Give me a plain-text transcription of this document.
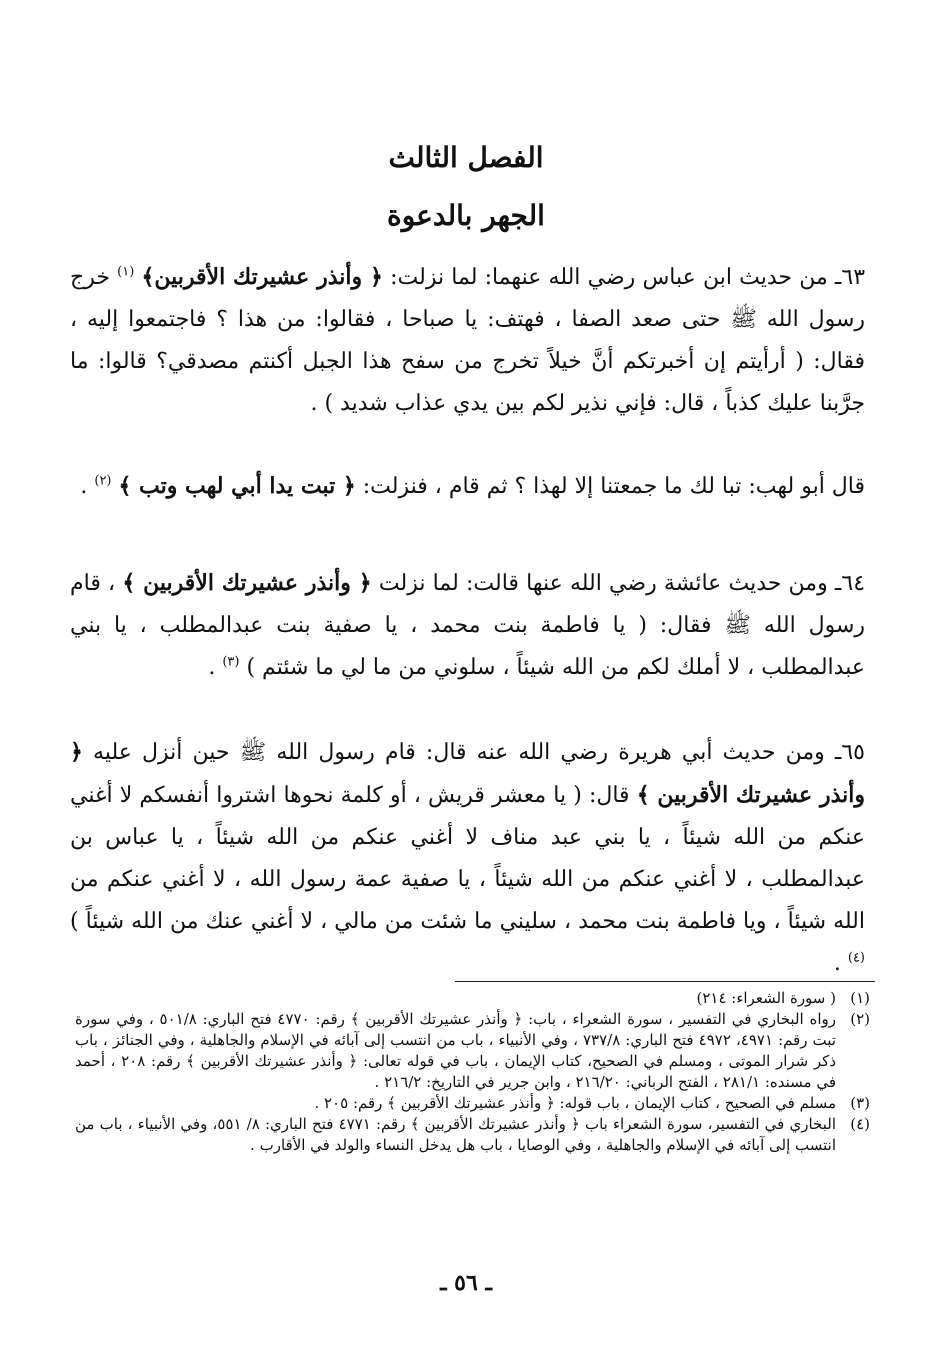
الفصل الثالث
الجهر بالدعوة

٦٣ـ من حديث ابن عباس رضي الله عنهما: لما نزلت: ﴿ وأنذر عشيرتك الأقربين﴾ $^{(١)}$ خرج رسول الله ﷺ حتى صعد الصفا ، فهتف: يا صباحا ، فقالوا: من هذا ؟ فاجتمعوا إليه ، فقال: ( أرأيتم إن أخبرتكم أنَّ خيلاً تخرج من سفح هذا الجبل أكنتم مصدقي؟ قالوا: ما جرَّبنا عليك كذباً ، قال: فإني نذير لكم بين يدي عذاب شديد ) .

قال أبو لهب: تبا لك ما جمعتنا إلا لهذا ؟ ثم قام ، فنزلت: ﴿ تبت يدا أبي لهب وتب ﴾ $^{(٢)}$ .

٦٤ـ ومن حديث عائشة رضي الله عنها قالت: لما نزلت ﴿ وأنذر عشيرتك الأقربين ﴾ ، قام رسول الله ﷺ فقال: ( يا فاطمة بنت محمد ، يا صفية بنت عبدالمطلب ، يا بني عبدالمطلب ، لا أملك لكم من الله شيئاً ، سلوني من ما لي ما شئتم ) $^{(٣)}$ .

٦٥ـ ومن حديث أبي هريرة رضي الله عنه قال: قام رسول الله ﷺ حين أنزل عليه ﴿ وأنذر عشيرتك الأقربين ﴾ قال: ( يا معشر قريش ، أو كلمة نحوها اشتروا أنفسكم لا أغني عنكم من الله شيئاً ، يا بني عبد مناف لا أغني عنكم من الله شيئاً ، يا عباس بن عبدالمطلب ، لا أغني عنكم من الله شيئاً ، يا صفية عمة رسول الله ، لا أغني عنكم من الله شيئاً ، ويا فاطمة بنت محمد ، سليني ما شئت من مالي ، لا أغني عنك من الله شيئاً ) $^{(٤)}$ .

(١)
( سورة الشعراء: ٢١٤)
(٢)
رواه البخاري في التفسير ، سورة الشعراء ، باب: ﴿ وأنذر عشيرتك الأقربين ﴾ رقم: ٤٧٧٠ فتح الباري: ٥٠١/٨ ، وفي سورة تبت رقم: ٤٩٧١، ٤٩٧٢ فتح الباري: ٧٣٧/٨ ، وفي الأنبياء ، باب من انتسب إلى آبائه في الإسلام والجاهلية ، وفي الجنائز ، باب ذكر شرار الموتى ، ومسلم في الصحيح، كتاب الإيمان ، باب في قوله تعالى: ﴿ وأنذر عشيرتك الأقربين ﴾ رقم: ٢٠٨ ، أحمد في مسنده: ٢٨١/١ ، الفتح الرباني: ٢١٦/٢٠ ، وابن جرير في التاريخ: ٢١٦/٢ .
(٣)
مسلم في الصحيح ، كتاب الإيمان ، باب قوله: ﴿ وأنذر عشيرتك الأقربين ﴾ رقم: ٢٠٥ .
(٤)
البخاري في التفسير، سورة الشعراء باب ﴿ وأنذر عشيرتك الأقربين ﴾ رقم: ٤٧٧١ فتح الباري: ٨/ ٥٥١، وفي الأنبياء ، باب من انتسب إلى آبائه في الإسلام والجاهلية ، وفي الوصايا ، باب هل يدخل النساء والولد في الأقارب .
ـ ٥٦ ـ
